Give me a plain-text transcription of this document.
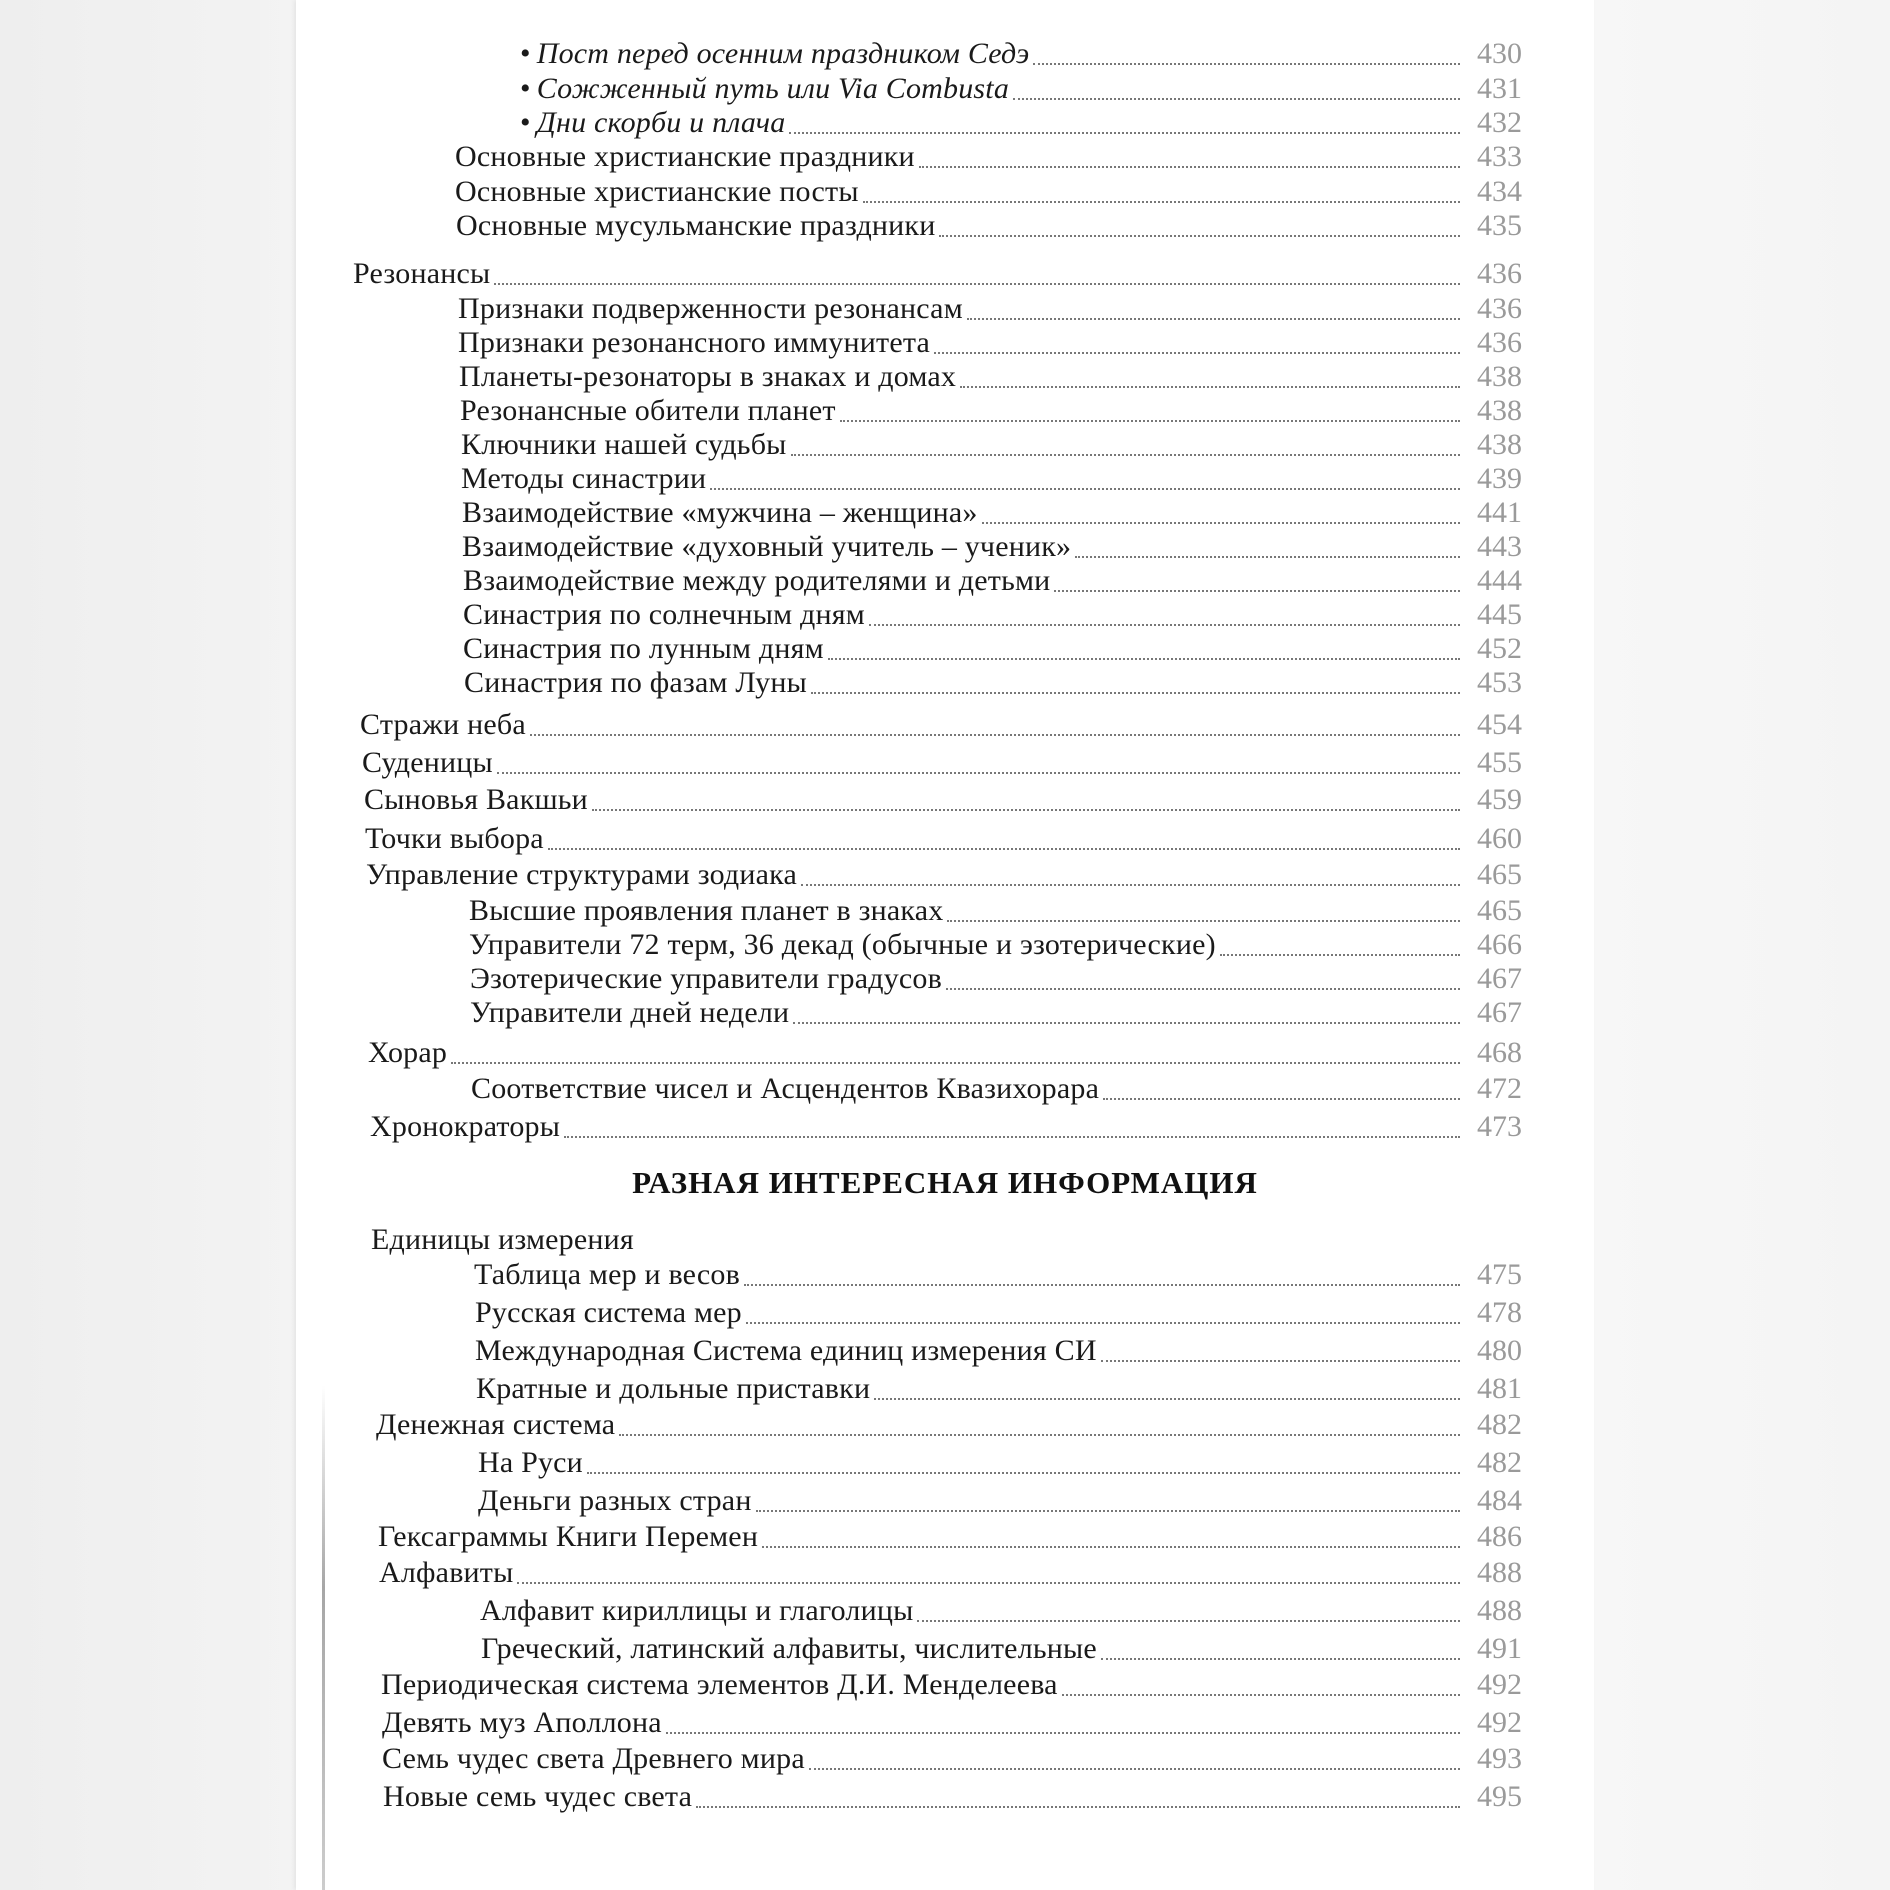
РАЗНАЯ ИНТЕРЕСНАЯ ИНФОРМАЦИЯ
• Пост перед осенним праздником Седэ	430
• Сожженный путь или Via Combusta	431
• Дни скорби и плача	432
Основные христианские праздники	433
Основные христианские посты	434
Основные мусульманские праздники	435
Резонансы	436
Признаки подверженности резонансам	436
Признаки резонансного иммунитета	436
Планеты-резонаторы в знаках и домах	438
Резонансные обители планет	438
Ключники нашей судьбы	438
Методы синастрии	439
Взаимодействие «мужчина – женщина»	441
Взаимодействие «духовный учитель – ученик»	443
Взаимодействие между родителями и детьми	444
Синастрия по солнечным дням	445
Синастрия по лунным дням	452
Синастрия по фазам Луны	453
Стражи неба	454
Суденицы	455
Сыновья Вакшьи	459
Точки выбора	460
Управление структурами зодиака	465
Высшие проявления планет в знаках	465
Управители 72 терм, 36 декад (обычные и эзотерические)	466
Эзотерические управители градусов	467
Управители дней недели	467
Хорар	468
Соответствие чисел и Асцендентов Квазихорара	472
Хронократоры	473
Единицы измерения
Таблица мер и весов	475
Русская система мер	478
Международная Система единиц измерения СИ	480
Кратные и дольные приставки	481
Денежная система	482
На Руси	482
Деньги разных стран	484
Гексаграммы Книги Перемен	486
Алфавиты	488
Алфавит кириллицы и глаголицы	488
Греческий, латинский алфавиты, числительные	491
Периодическая система элементов Д.И. Менделеева	492
Девять муз Аполлона	492
Семь чудес света Древнего мира	493
Новые семь чудес света	495
